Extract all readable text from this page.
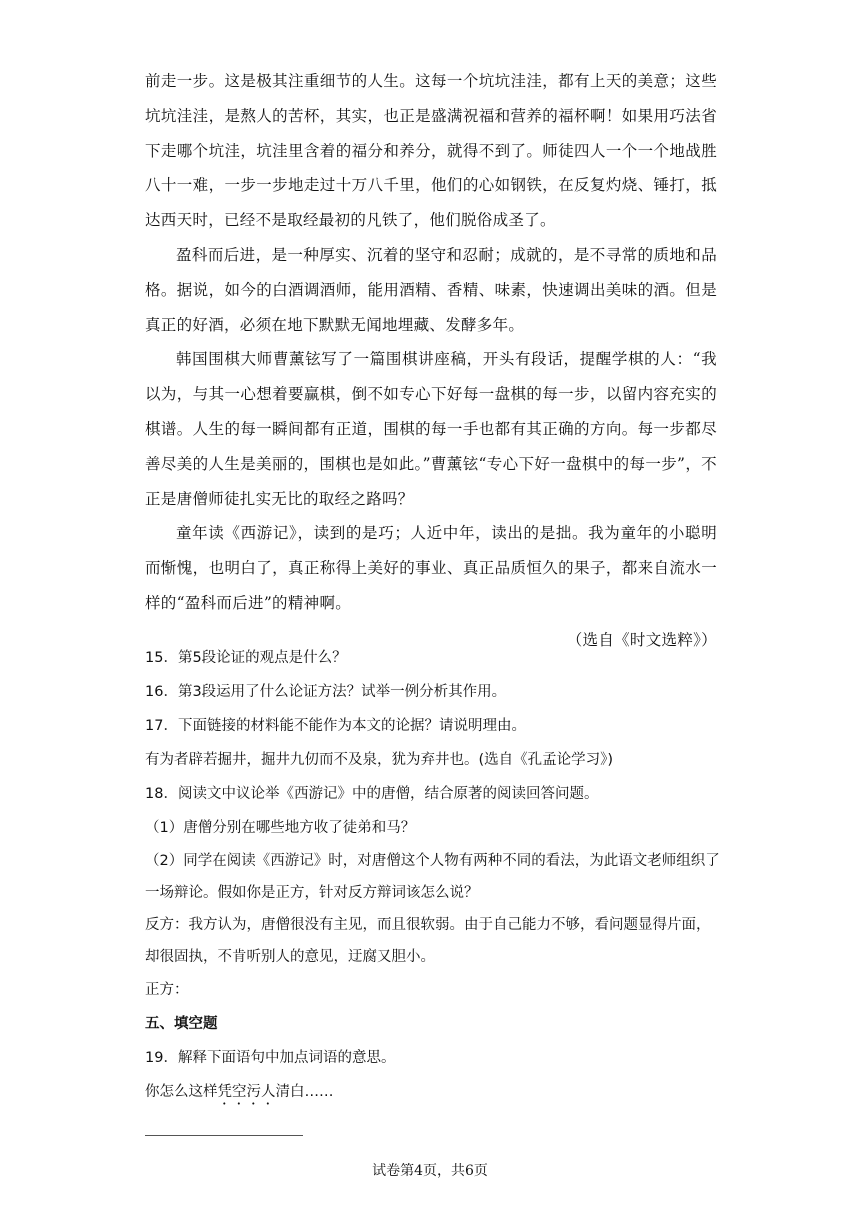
前走一步。这是极其注重细节的人生。这每一个坑坑洼洼，都有上天的美意；这些坑坑洼洼，是熬人的苦杯，其实，也正是盛满祝福和营养的福杯啊！如果用巧法省下走哪个坑洼，坑洼里含着的福分和养分，就得不到了。师徒四人一个一个地战胜八十一难，一步一步地走过十万八千里，他们的心如钢铁，在反复灼烧、锤打，抵达西天时，已经不是取经最初的凡铁了，他们脱俗成圣了。

盈科而后进，是一种厚实、沉着的坚守和忍耐；成就的，是不寻常的质地和品格。据说，如今的白酒调酒师，能用酒精、香精、味素，快速调出美味的酒。但是真正的好酒，必须在地下默默无闻地埋藏、发酵多年。

韩国围棋大师曹薰铉写了一篇围棋讲座稿，开头有段话，提醒学棋的人：“我以为，与其一心想着要赢棋，倒不如专心下好每一盘棋的每一步，以留内容充实的棋谱。人生的每一瞬间都有正道，围棋的每一手也都有其正确的方向。每一步都尽善尽美的人生是美丽的，围棋也是如此。”曹薰铉“专心下好一盘棋中的每一步”，不正是唐僧师徒扎实无比的取经之路吗？

童年读《西游记》，读到的是巧；人近中年，读出的是拙。我为童年的小聪明而惭愧，也明白了，真正称得上美好的事业、真正品质恒久的果子，都来自流水一样的“盈科而后进”的精神啊。

（选自《时文选粹》）

15．第5段论证的观点是什么？

16．第3段运用了什么论证方法？试举一例分析其作用。

17．下面链接的材料能不能作为本文的论据？请说明理由。

有为者辟若掘井，掘井九仞而不及泉，犹为弃井也。(选自《孔孟论学习》)

18．阅读文中议论举《西游记》中的唐僧，结合原著的阅读回答问题。

（1）唐僧分别在哪些地方收了徒弟和马？

（2）同学在阅读《西游记》时，对唐僧这个人物有两种不同的看法，为此语文老师组织了一场辩论。假如你是正方，针对反方辩词该怎么说？

反方：我方认为，唐僧很没有主见，而且很软弱。由于自己能力不够，看问题显得片面，却很固执，不肯听别人的意见，迂腐又胆小。

正方：

五、填空题

19．解释下面语句中加点词语的意思。

你怎么这样凭空污人清白……

试卷第4页，共6页
